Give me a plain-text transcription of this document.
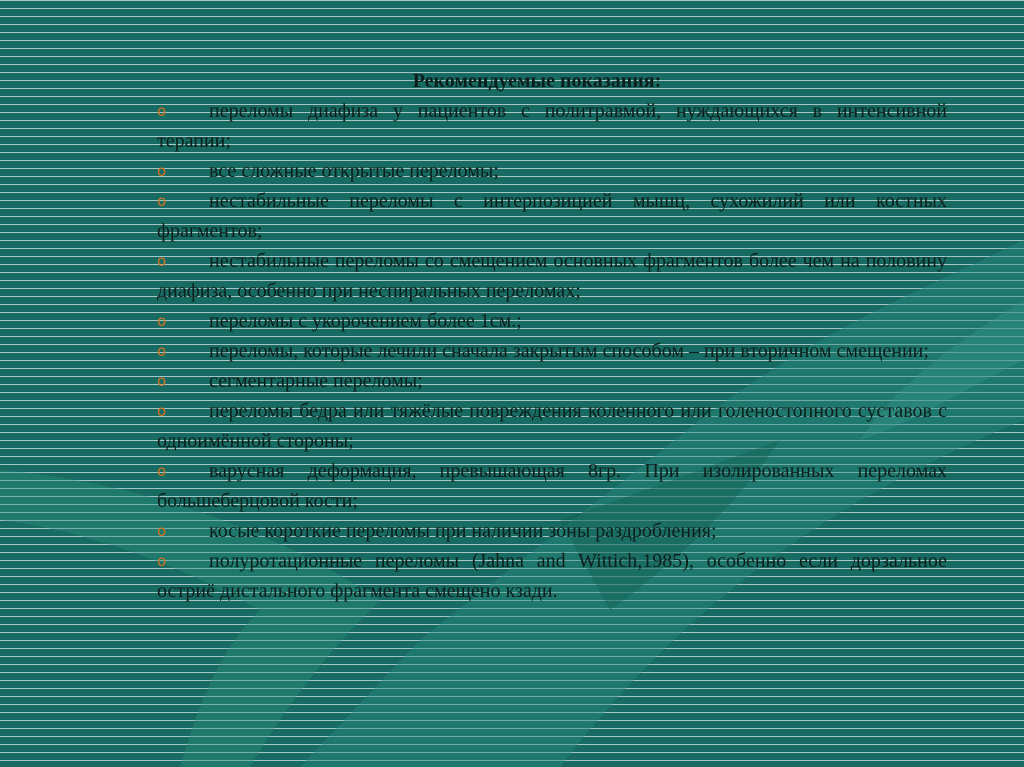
Рекомендуемые показания:
o переломы диафиза у пациентов с политравмой, нуждающихся в интенсивной терапии;
o все сложные открытые переломы;
o нестабильные переломы с интерпозицией мышц, сухожилий или костных фрагментов;
o нестабильные переломы со смещением основных фрагментов более чем на половину диафиза, особенно при неспиральных переломах;
o переломы с укорочением более 1см.;
o переломы, которые лечили сначала закрытым способом – при вторичном смещении;
o сегментарные переломы;
o переломы бедра или тяжёлые повреждения коленного или голеностопного суставов с одноимённой стороны;
o варусная деформация, превышающая 8гр. При изолированных переломах большеберцовой кости;
o косые короткие переломы при наличии зоны раздробления;
o полуротационные переломы (Jahna and Wittich,1985), особенно если дорзальное остриё дистального фрагмента смещено кзади.
